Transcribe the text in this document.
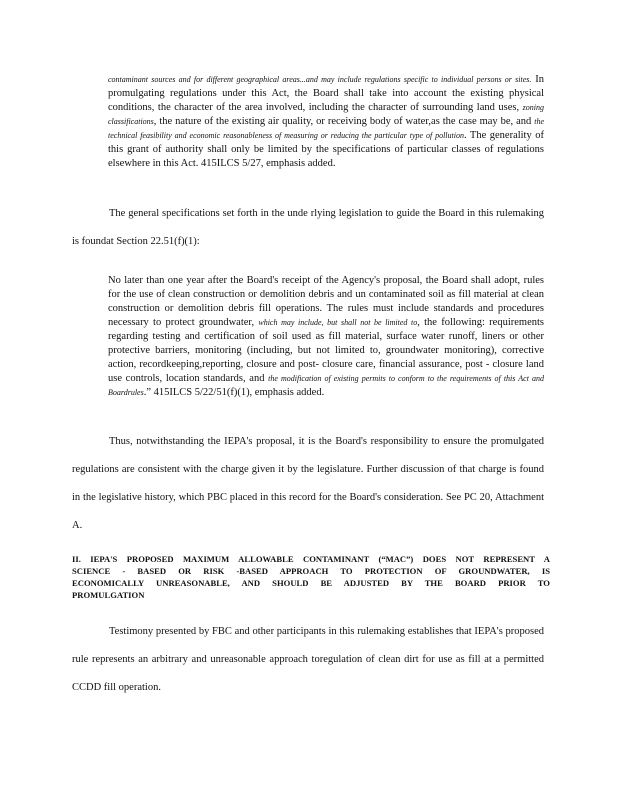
contaminant sources and for different geographical areas...and may include regulations specific to individual persons or sites. In promulgating regulations under this Act, the Board shall take into account the existing physical conditions, the character of the area involved, including the character of surrounding land uses, zoning classifications, the nature of the existing air quality, or receiving body of water,as the case may be, and the technical feasibility and economic reasonableness of measuring or reducing the particular type of pollution. The generality of this grant of authority shall only be limited by the specifications of particular classes of regulations elsewhere in this Act. 415ILCS 5/27, emphasis added.
The general specifications set forth in the unde rlying legislation to guide the Board in this rulemaking is foundat Section 22.51(f)(1):
No later than one year after the Board's receipt of the Agency's proposal, the Board shall adopt, rules for the use of clean construction or demolition debris and un contaminated soil as fill material at clean construction or demolition debris fill operations. The rules must include standards and procedures necessary to protect groundwater, which may include, but shall not be limited to, the following: requirements regarding testing and certification of soil used as fill material, surface water runoff, liners or other protective barriers, monitoring (including, but not limited to, groundwater monitoring), corrective action, recordkeeping,reporting, closure and post- closure care, financial assurance, post - closure land use controls, location standards, and the modification of existing permits to conform to the requirements of this Act and Boardrules.” 415ILCS 5/22/51(f)(1), emphasis added.
Thus, notwithstanding the IEPA's proposal, it is the Board's responsibility to ensure the promulgated regulations are consistent with the charge given it by the legislature. Further discussion of that charge is found in the legislative history, which PBC placed in this record for the Board's consideration. See PC 20, Attachment A.
II. IEPA'S PROPOSED MAXIMUM ALLOWABLE CONTAMINANT (“MAC”) DOES NOT REPRESENT A SCIENCE - BASED OR RISK -BASED APPROACH TO PROTECTION OF GROUNDWATER, IS ECONOMICALLY UNREASONABLE, AND SHOULD BE ADJUSTED BY THE BOARD PRIOR TO PROMULGATION
Testimony presented by FBC and other participants in this rulemaking establishes that IEPA's proposed rule represents an arbitrary and unreasonable approach toregulation of clean dirt for use as fill at a permitted CCDD fill operation.
